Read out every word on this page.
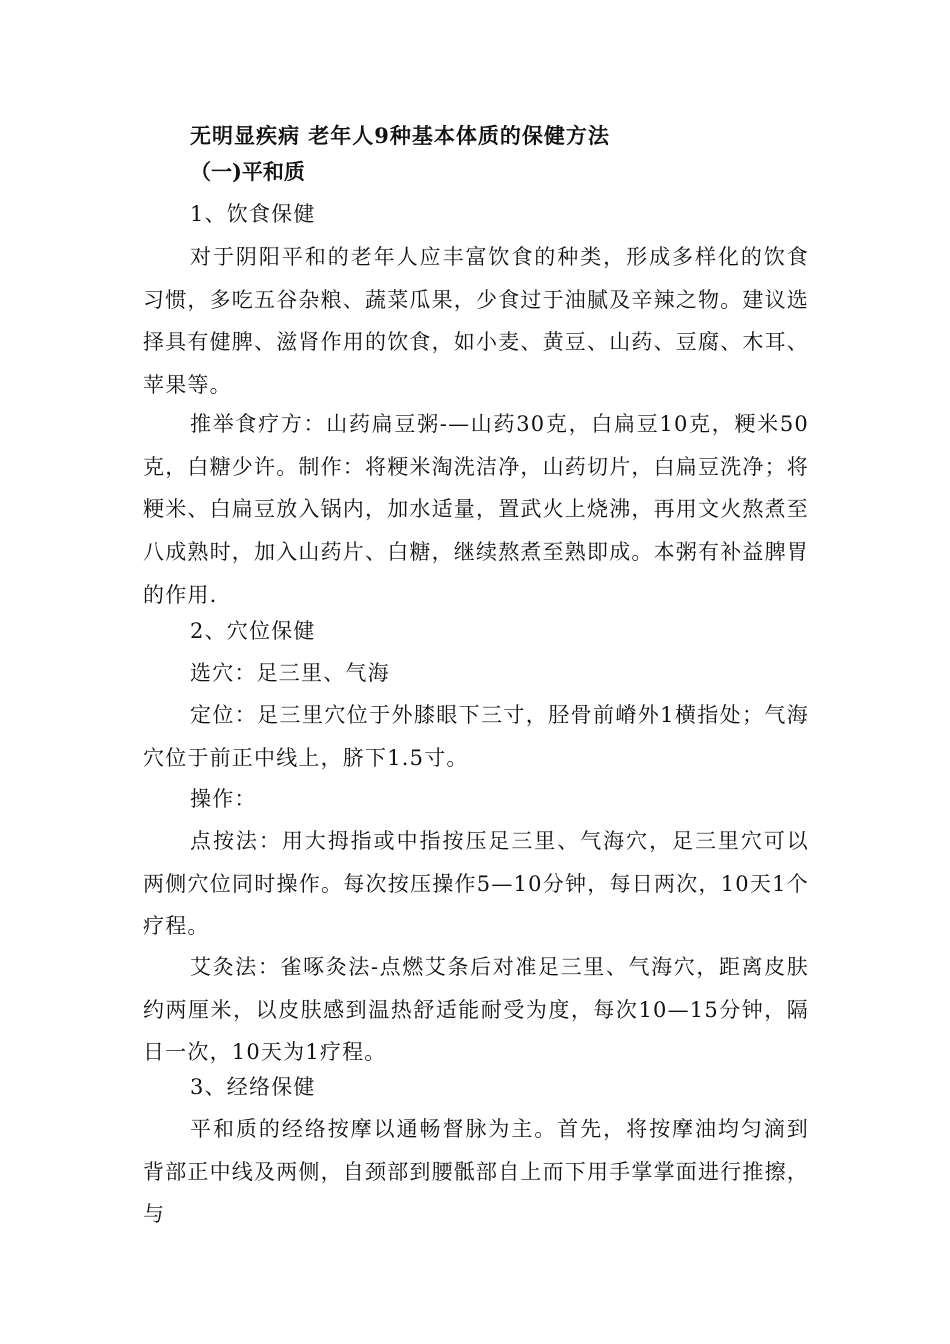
无明显疾病 老年人9种基本体质的保健方法
（一)平和质
1、饮食保健
对于阴阳平和的老年人应丰富饮食的种类，形成多样化的饮食习惯，多吃五谷杂粮、蔬菜瓜果，少食过于油腻及辛辣之物。建议选择具有健脾、滋肾作用的饮食，如小麦、黄豆、山药、豆腐、木耳、苹果等。
推举食疗方：山药扁豆粥-—山药30克，白扁豆10克，粳米50克，白糖少许。制作：将粳米淘洗洁净，山药切片，白扁豆洗净；将粳米、白扁豆放入锅内，加水适量，置武火上烧沸，再用文火熬煮至八成熟时，加入山药片、白糖，继续熬煮至熟即成。本粥有补益脾胃的作用.
2、穴位保健
选穴：足三里、气海
定位：足三里穴位于外膝眼下三寸，胫骨前嵴外1横指处；气海穴位于前正中线上，脐下1.5寸。
操作：
点按法：用大拇指或中指按压足三里、气海穴，足三里穴可以两侧穴位同时操作。每次按压操作5—10分钟，每日两次，10天1个疗程。
艾灸法：雀啄灸法-点燃艾条后对准足三里、气海穴，距离皮肤约两厘米，以皮肤感到温热舒适能耐受为度，每次10—15分钟，隔日一次，10天为1疗程。
3、经络保健
平和质的经络按摩以通畅督脉为主。首先，将按摩油均匀滴到背部正中线及两侧，自颈部到腰骶部自上而下用手掌掌面进行推擦，与
